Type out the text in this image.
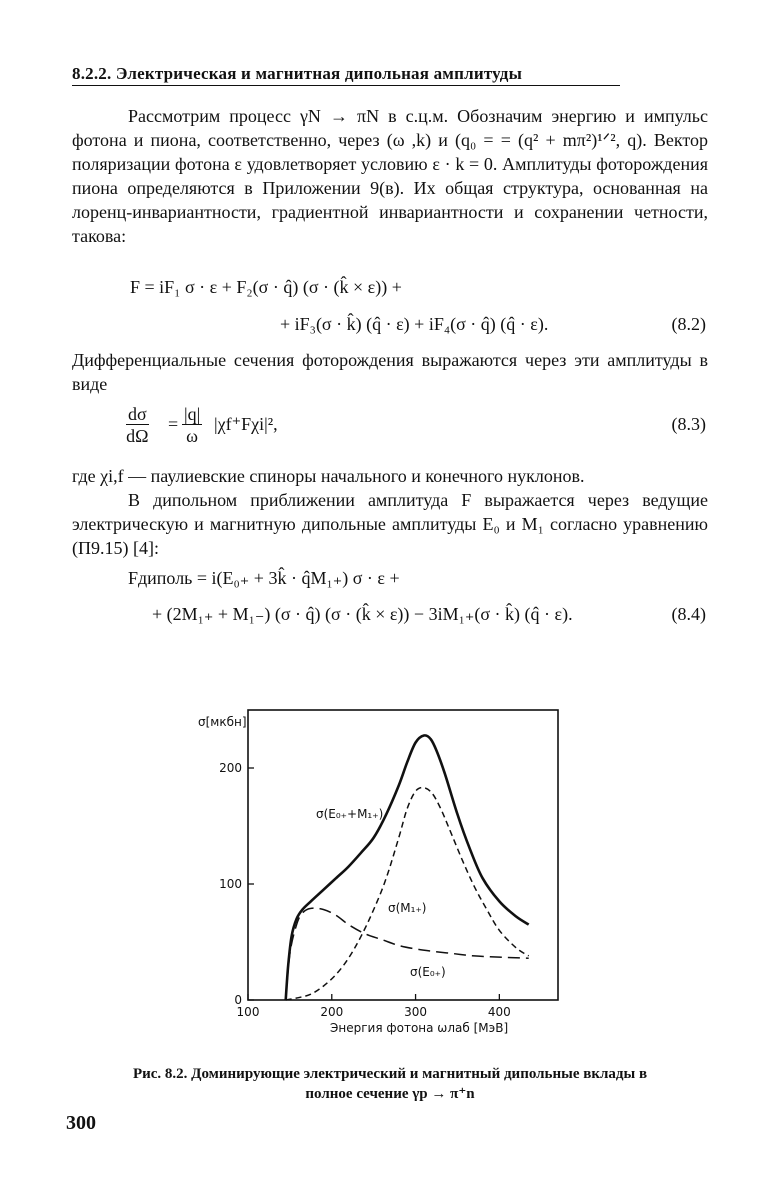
8.2.2. Электрическая и магнитная дипольная амплитуды
Рассмотрим процесс γN → πN в с.ц.м. Обозначим энергию и импульс фотона и пиона, соответственно, через (ω ,k) и (q₀ = = (q² + mπ²)¹ᐟ², q). Вектор поляризации фотона ε удовлетворяет условию ε · k = 0. Амплитуды фоторождения пиона определяются в Приложении 9(в). Их общая структура, основанная на лоренц-инвариантности, градиентной инвариантности и сохранении четности, такова:
F = iF₁ σ · ε + F₂(σ · q̂) (σ · (k̂ × ε)) +
+ iF₃(σ · k̂) (q̂ · ε) + iF₄(σ · q̂) (q̂ · ε).	(8.2)
Дифференциальные сечения фоторождения выражаются через эти амплитуды в виде
$\frac{d\sigma}{d\Omega} = \frac{|q|}{\omega} |\chi f^+F\chi i|^2$,	(8.3)
где χi,f — паулиевские спиноры начального и конечного нуклонов.
В дипольном приближении амплитуда F выражается через ведущие электрическую и магнитную дипольные амплитуды E₀ и M₁ согласно уравнению (П9.15) [4]:
Fдиполь = i(E₀₊ + 3k̂ · q̂M₁₊) σ · ε +
+ (2M₁₊ + M₁₋) (σ · q̂) (σ · (k̂ × ε)) − 3iM₁₊(σ · k̂) (q̂ · ε).	(8.4)
100	200	300	400
0
100
200
σ[мкбн]
Энергия фотона ωлаб [МэВ]
σ(E₀₊+M₁₊)
σ(M₁₊)
σ(E₀₊)
Рис. 8.2. Доминирующие электрический и магнитный дипольные вклады в
полное сечение γp → π⁺n
300
